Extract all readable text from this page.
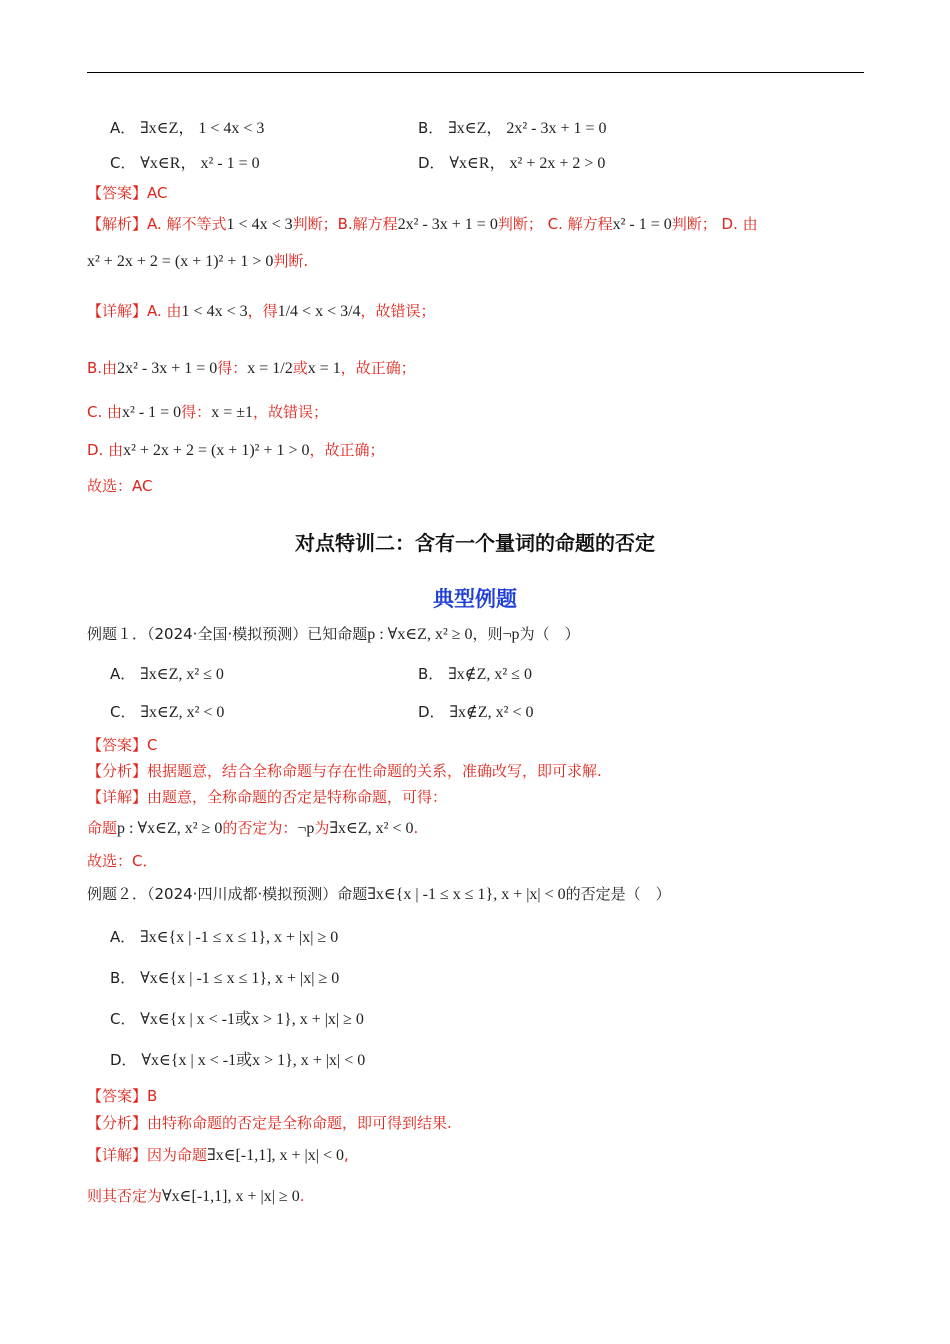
A． ∃x∈Z， 1 < 4x < 3	B． ∃x∈Z， 2x² - 3x + 1 = 0
C． ∀x∈R， x² - 1 = 0	D． ∀x∈R， x² + 2x + 2 > 0
【答案】AC
【解析】A. 解不等式1 < 4x < 3判断；B.解方程2x² - 3x + 1 = 0判断； C. 解方程x² - 1 = 0判断； D. 由
x² + 2x + 2 = (x + 1)² + 1 > 0判断.
【详解】A. 由1 < 4x < 3，得1/4 < x < 3/4，故错误；
B.由2x² - 3x + 1 = 0得：x = 1/2或x = 1，故正确；
C. 由x² - 1 = 0得：x = ±1，故错误；
D. 由x² + 2x + 2 = (x + 1)² + 1 > 0，故正确；
故选：AC
对点特训二：含有一个量词的命题的否定
典型例题
例题１．（2024·全国·模拟预测）已知命题p : ∀x∈Z, x² ≥ 0，则¬p为（　）
A． ∃x∈Z, x² ≤ 0	B． ∃x∉Z, x² ≤ 0
C． ∃x∈Z, x² < 0	D． ∃x∉Z, x² < 0
【答案】C
【分析】根据题意，结合全称命题与存在性命题的关系，准确改写，即可求解.
【详解】由题意，全称命题的否定是特称命题，可得：
命题p : ∀x∈Z, x² ≥ 0的否定为：¬p为∃x∈Z, x² < 0.
故选：C．
例题２．（2024·四川成都·模拟预测）命题∃x∈{x | -1 ≤ x ≤ 1}, x + |x| < 0的否定是（　）
A． ∃x∈{x | -1 ≤ x ≤ 1}, x + |x| ≥ 0
B． ∀x∈{x | -1 ≤ x ≤ 1}, x + |x| ≥ 0
C． ∀x∈{x | x < -1或x > 1}, x + |x| ≥ 0
D． ∀x∈{x | x < -1或x > 1}, x + |x| < 0
【答案】B
【分析】由特称命题的否定是全称命题，即可得到结果.
【详解】因为命题∃x∈[-1,1], x + |x| < 0,
则其否定为∀x∈[-1,1], x + |x| ≥ 0.
